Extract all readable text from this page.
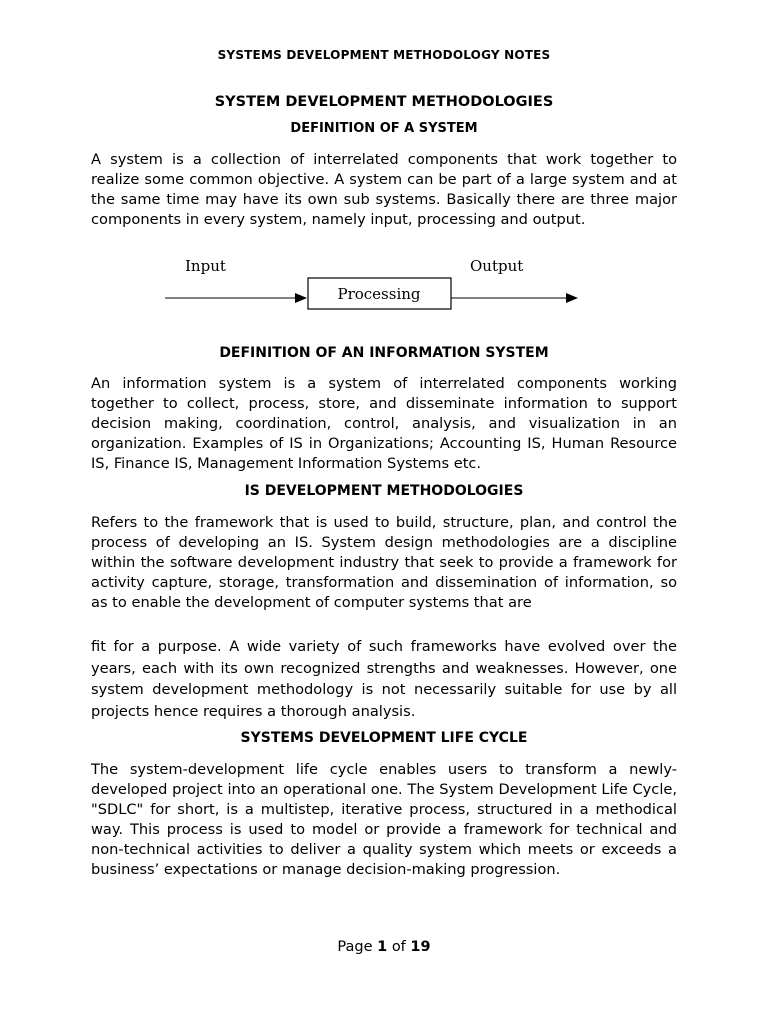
SYSTEMS DEVELOPMENT METHODOLOGY NOTES
SYSTEM DEVELOPMENT METHODOLOGIES
DEFINITION OF A SYSTEM

A system is a collection of interrelated components that work together to realize some common objective. A system can be part of a large system and at the same time may have its own sub systems. Basically there are three major components in every system, namely input, processing and output.

Input	Output
Processing
DEFINITION OF AN INFORMATION SYSTEM

An information system is a system of interrelated components working together to collect, process, store, and disseminate information to support decision making, coordination, control, analysis, and visualization in an organization. Examples of IS in Organizations; Accounting IS, Human Resource IS, Finance IS, Management Information Systems etc.

IS DEVELOPMENT METHODOLOGIES

Refers to the framework that is used to build, structure, plan, and control the process of developing an IS. System design methodologies are a discipline within the software development industry that seek to provide a framework for activity capture, storage, transformation and dissemination of information, so as to enable the development of computer systems that are

fit for a purpose. A wide variety of such frameworks have evolved over the years, each with its own recognized strengths and weaknesses. However, one system development methodology is not necessarily suitable for use by all projects hence requires a thorough analysis.

SYSTEMS DEVELOPMENT LIFE CYCLE

The system-development life cycle enables users to transform a newly-developed project into an operational one. The System Development Life Cycle, "SDLC" for short, is a multistep, iterative process, structured in a methodical way. This process is used to model or provide a framework for technical and non-technical activities to deliver a quality system which meets or exceeds a business’ expectations or manage decision-making progression.

Page 1 of 19
